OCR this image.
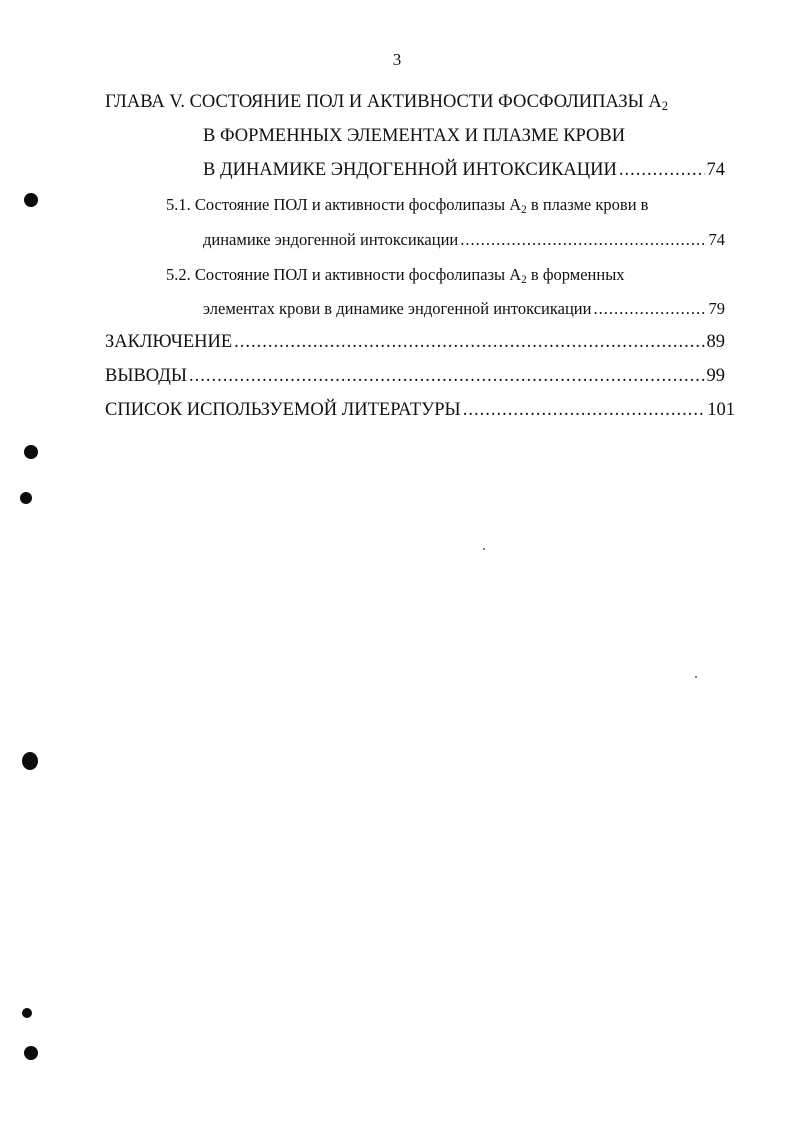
3
ГЛАВА V. СОСТОЯНИЕ ПОЛ И АКТИВНОСТИ ФОСФОЛИПАЗЫ $А_2$
В ФОРМЕННЫХ ЭЛЕМЕНТАХ И ПЛАЗМЕ КРОВИ
В ДИНАМИКЕ ЭНДОГЕННОЙ ИНТОКСИКАЦИИ .....	74
5.1. Состояние ПОЛ и активности фосфолипазы $А_2$ в плазме крови в
динамике эндогенной интоксикации .....	74
5.2. Состояние ПОЛ и активности фосфолипазы $А_2$ в форменных
элементах крови в динамике эндогенной интоксикации .....	79
ЗАКЛЮЧЕНИЕ .....	89
ВЫВОДЫ .....	99
СПИСОК ИСПОЛЬЗУЕМОЙ ЛИТЕРАТУРЫ .....	101
